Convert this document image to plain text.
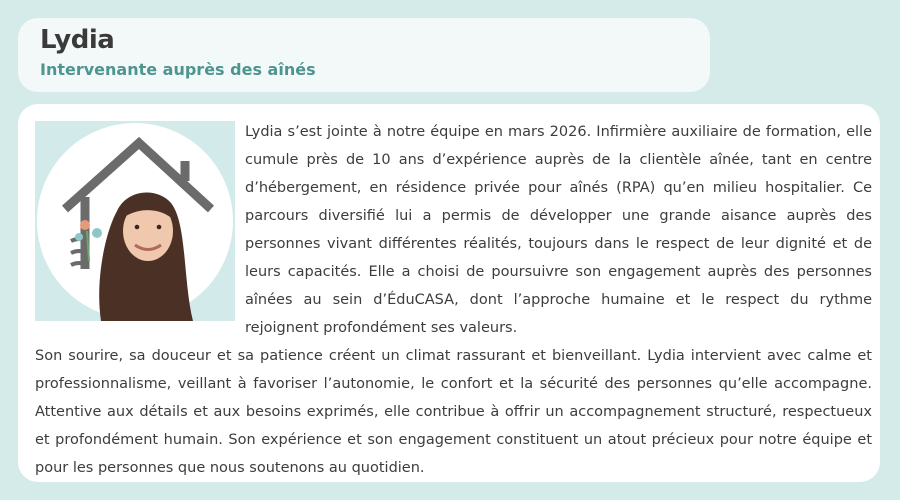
Lydia
Intervenante auprès des aînés

Lydia s’est jointe à notre équipe en mars 2026. Infirmière auxiliaire de formation, elle cumule près de 10 ans d’expérience auprès de la clientèle aînée, tant en centre d’hébergement, en résidence privée pour aînés (RPA) qu’en milieu hospitalier. Ce parcours diversifié lui a permis de développer une grande aisance auprès des personnes vivant différentes réalités, toujours dans le respect de leur dignité et de leurs capacités. Elle a choisi de poursuivre son engagement auprès des personnes aînées au sein d’ÉduCASA, dont l’approche humaine et le respect du rythme rejoignent profondément ses valeurs.

Son sourire, sa douceur et sa patience créent un climat rassurant et bienveillant. Lydia intervient avec calme et professionnalisme, veillant à favoriser l’autonomie, le confort et la sécurité des personnes qu’elle accompagne. Attentive aux détails et aux besoins exprimés, elle contribue à offrir un accompagnement structuré, respectueux et profondément humain. Son expérience et son engagement constituent un atout précieux pour notre équipe et pour les personnes que nous soutenons au quotidien.
